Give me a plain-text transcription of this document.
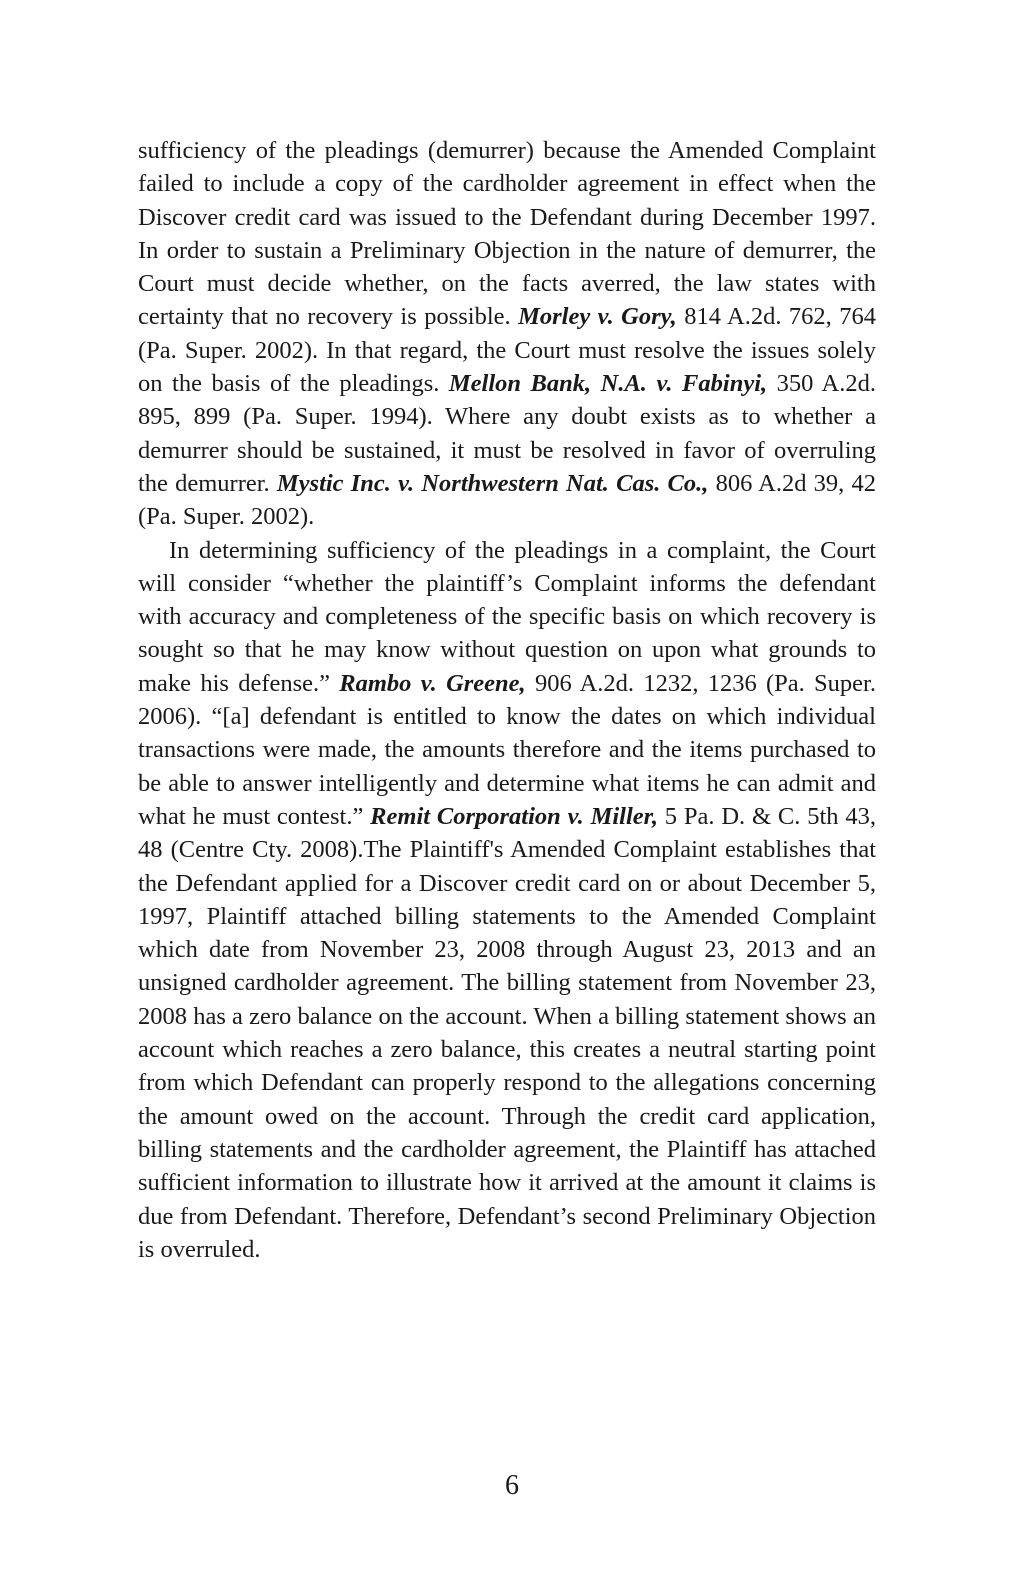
sufficiency of the pleadings (demurrer) because the Amended Complaint failed to include a copy of the cardholder agreement in effect when the Discover credit card was issued to the Defendant during December 1997. In order to sustain a Preliminary Objection in the nature of demurrer, the Court must decide whether, on the facts averred, the law states with certainty that no recovery is possible. Morley v. Gory, 814 A.2d. 762, 764 (Pa. Super. 2002). In that regard, the Court must resolve the issues solely on the basis of the pleadings. Mellon Bank, N.A. v. Fabinyi, 350 A.2d. 895, 899 (Pa. Super. 1994). Where any doubt exists as to whether a demurrer should be sustained, it must be resolved in favor of overruling the demurrer. Mystic Inc. v. Northwestern Nat. Cas. Co., 806 A.2d 39, 42 (Pa. Super. 2002).

In determining sufficiency of the pleadings in a complaint, the Court will consider “whether the plaintiff’s Complaint informs the defendant with accuracy and completeness of the specific basis on which recovery is sought so that he may know without question on upon what grounds to make his defense.” Rambo v. Greene, 906 A.2d. 1232, 1236 (Pa. Super. 2006). “[a] defendant is entitled to know the dates on which individual transactions were made, the amounts therefore and the items purchased to be able to answer intelligently and determine what items he can admit and what he must contest.” Remit Corporation v. Miller, 5 Pa. D. & C. 5th 43, 48 (Centre Cty. 2008).The Plaintiff's Amended Complaint establishes that the Defendant applied for a Discover credit card on or about December 5, 1997, Plaintiff attached billing statements to the Amended Complaint which date from November 23, 2008 through August 23, 2013 and an unsigned cardholder agreement. The billing statement from November 23, 2008 has a zero balance on the account. When a billing statement shows an account which reaches a zero balance, this creates a neutral starting point from which Defendant can properly respond to the allegations concerning the amount owed on the account. Through the credit card application, billing statements and the cardholder agreement, the Plaintiff has attached sufficient information to illustrate how it arrived at the amount it claims is due from Defendant. Therefore, Defendant’s second Preliminary Objection is overruled.

6
